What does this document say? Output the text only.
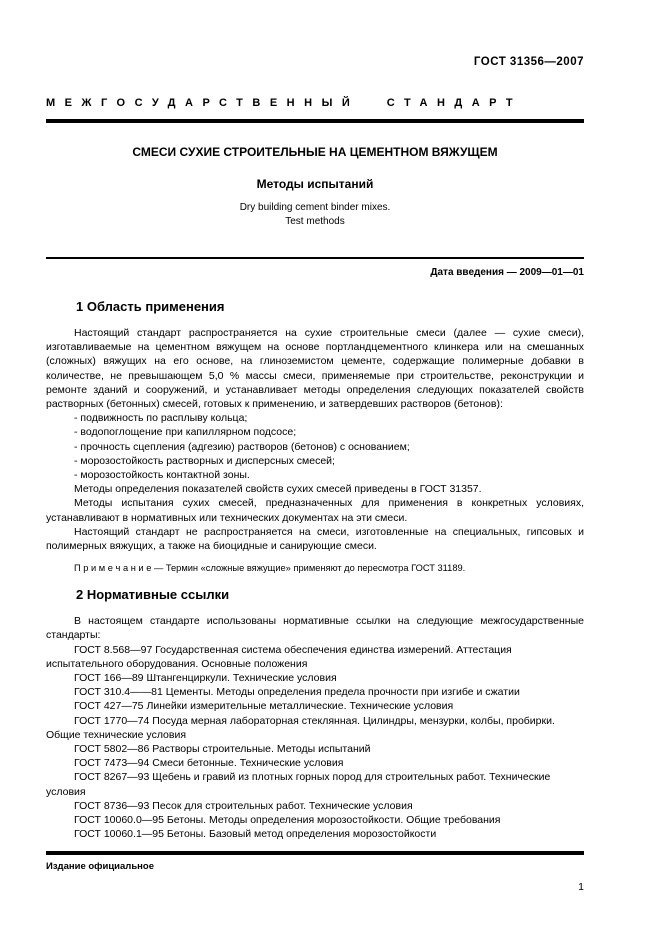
ГОСТ 31356—2007
МЕЖГОСУДАРСТВЕННЫЙ СТАНДАРТ
СМЕСИ СУХИЕ СТРОИТЕЛЬНЫЕ НА ЦЕМЕНТНОМ ВЯЖУЩЕМ
Методы испытаний
Dry building cement binder mixes.
Test methods
Дата введения — 2009—01—01
1 Область применения

Настоящий стандарт распространяется на сухие строительные смеси (далее — сухие смеси), изготавливаемые на цементном вяжущем на основе портландцементного клинкера или на смешанных (сложных) вяжущих на его основе, на глиноземистом цементе, содержащие полимерные добавки в количестве, не превышающем 5,0 % массы смеси, применяемые при строительстве, реконструкции и ремонте зданий и сооружений, и устанавливает методы определения следующих показателей свойств растворных (бетонных) смесей, готовых к применению, и затвердевших растворов (бетонов):

- подвижность по расплыву кольца;
- водопоглощение при капиллярном подсосе;
- прочность сцепления (адгезию) растворов (бетонов) с основанием;
- морозостойкость растворных и дисперсных смесей;
- морозостойкость контактной зоны.

Методы определения показателей свойств сухих смесей приведены в ГОСТ 31357.

Методы испытания сухих смесей, предназначенных для применения в конкретных условиях, устанавливают в нормативных или технических документах на эти смеси.

Настоящий стандарт не распространяется на смеси, изготовленные на специальных, гипсовых и полимерных вяжущих, а также на биоцидные и санирующие смеси.

П р и м е ч а н и е — Термин «сложные вяжущие» применяют до пересмотра ГОСТ 31189.

2 Нормативные ссылки

В настоящем стандарте использованы нормативные ссылки на следующие межгосударственные стандарты:

ГОСТ 8.568—97 Государственная система обеспечения единства измерений. Аттестация испытательного оборудования. Основные положения

ГОСТ 166—89 Штангенциркули. Технические условия

ГОСТ 310.4——81 Цементы. Методы определения предела прочности при изгибе и сжатии

ГОСТ 427—75 Линейки измерительные металлические. Технические условия

ГОСТ 1770—74 Посуда мерная лабораторная стеклянная. Цилиндры, мензурки, колбы, пробирки. Общие технические условия

ГОСТ 5802—86 Растворы строительные. Методы испытаний

ГОСТ 7473—94 Смеси бетонные. Технические условия

ГОСТ 8267—93 Щебень и гравий из плотных горных пород для строительных работ. Технические условия

ГОСТ 8736—93 Песок для строительных работ. Технические условия

ГОСТ 10060.0—95 Бетоны. Методы определения морозостойкости. Общие требования

ГОСТ 10060.1—95 Бетоны. Базовый метод определения морозостойкости

Издание официальное
1
